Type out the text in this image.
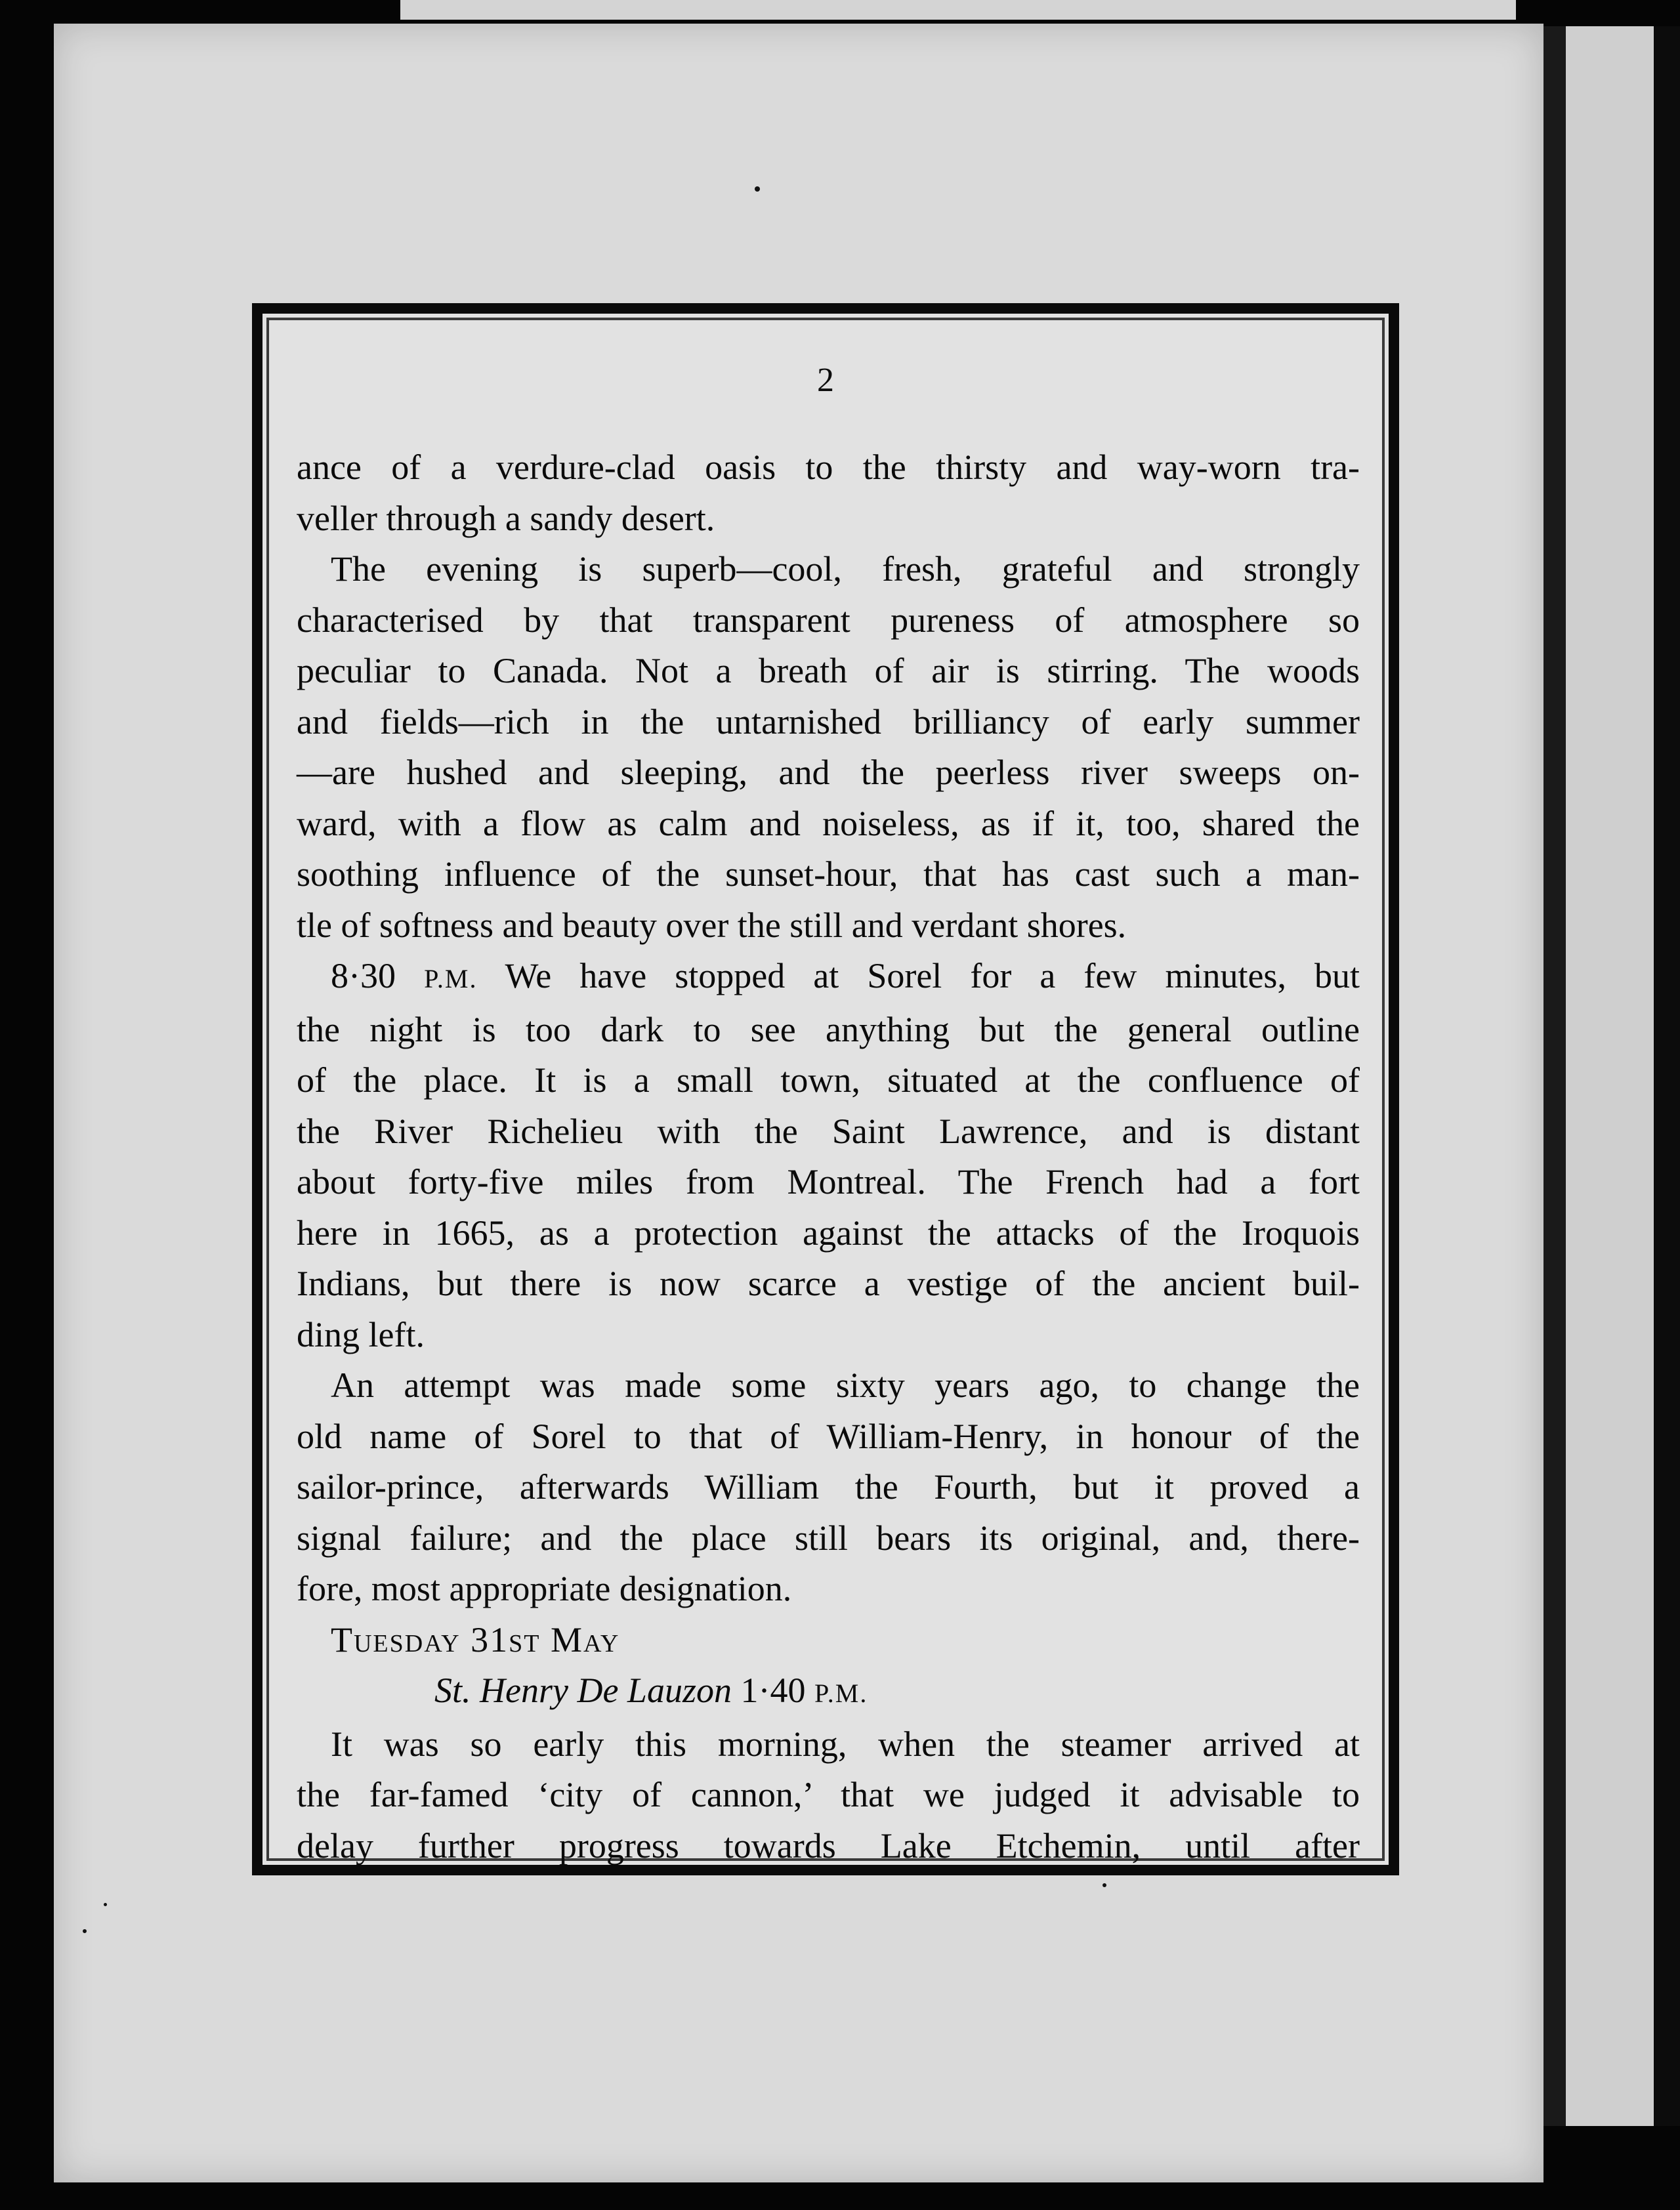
2
ance of a verdure-clad oasis to the thirsty and way-worn tra-
veller through a sandy desert.
The evening is superb—cool, fresh, grateful and strongly
characterised by that transparent pureness of atmosphere so
peculiar to Canada. Not a breath of air is stirring. The woods
and fields—rich in the untarnished brilliancy of early summer
—are hushed and sleeping, and the peerless river sweeps on-
ward, with a flow as calm and noiseless, as if it, too, shared the
soothing influence of the sunset-hour, that has cast such a man-
tle of softness and beauty over the still and verdant shores.
8·30 P.M. We have stopped at Sorel for a few minutes, but
the night is too dark to see anything but the general outline
of the place. It is a small town, situated at the confluence of
the River Richelieu with the Saint Lawrence, and is distant
about forty-five miles from Montreal. The French had a fort
here in 1665, as a protection against the attacks of the Iroquois
Indians, but there is now scarce a vestige of the ancient buil-
ding left.
An attempt was made some sixty years ago, to change the
old name of Sorel to that of William-Henry, in honour of the
sailor-prince, afterwards William the Fourth, but it proved a
signal failure; and the place still bears its original, and, there-
fore, most appropriate designation.
Tuesday 31st May
St. Henry De Lauzon 1·40 P.M.
It was so early this morning, when the steamer arrived at
the far-famed ‘city of cannon,’ that we judged it advisable to
delay further progress towards Lake Etchemin, until after
